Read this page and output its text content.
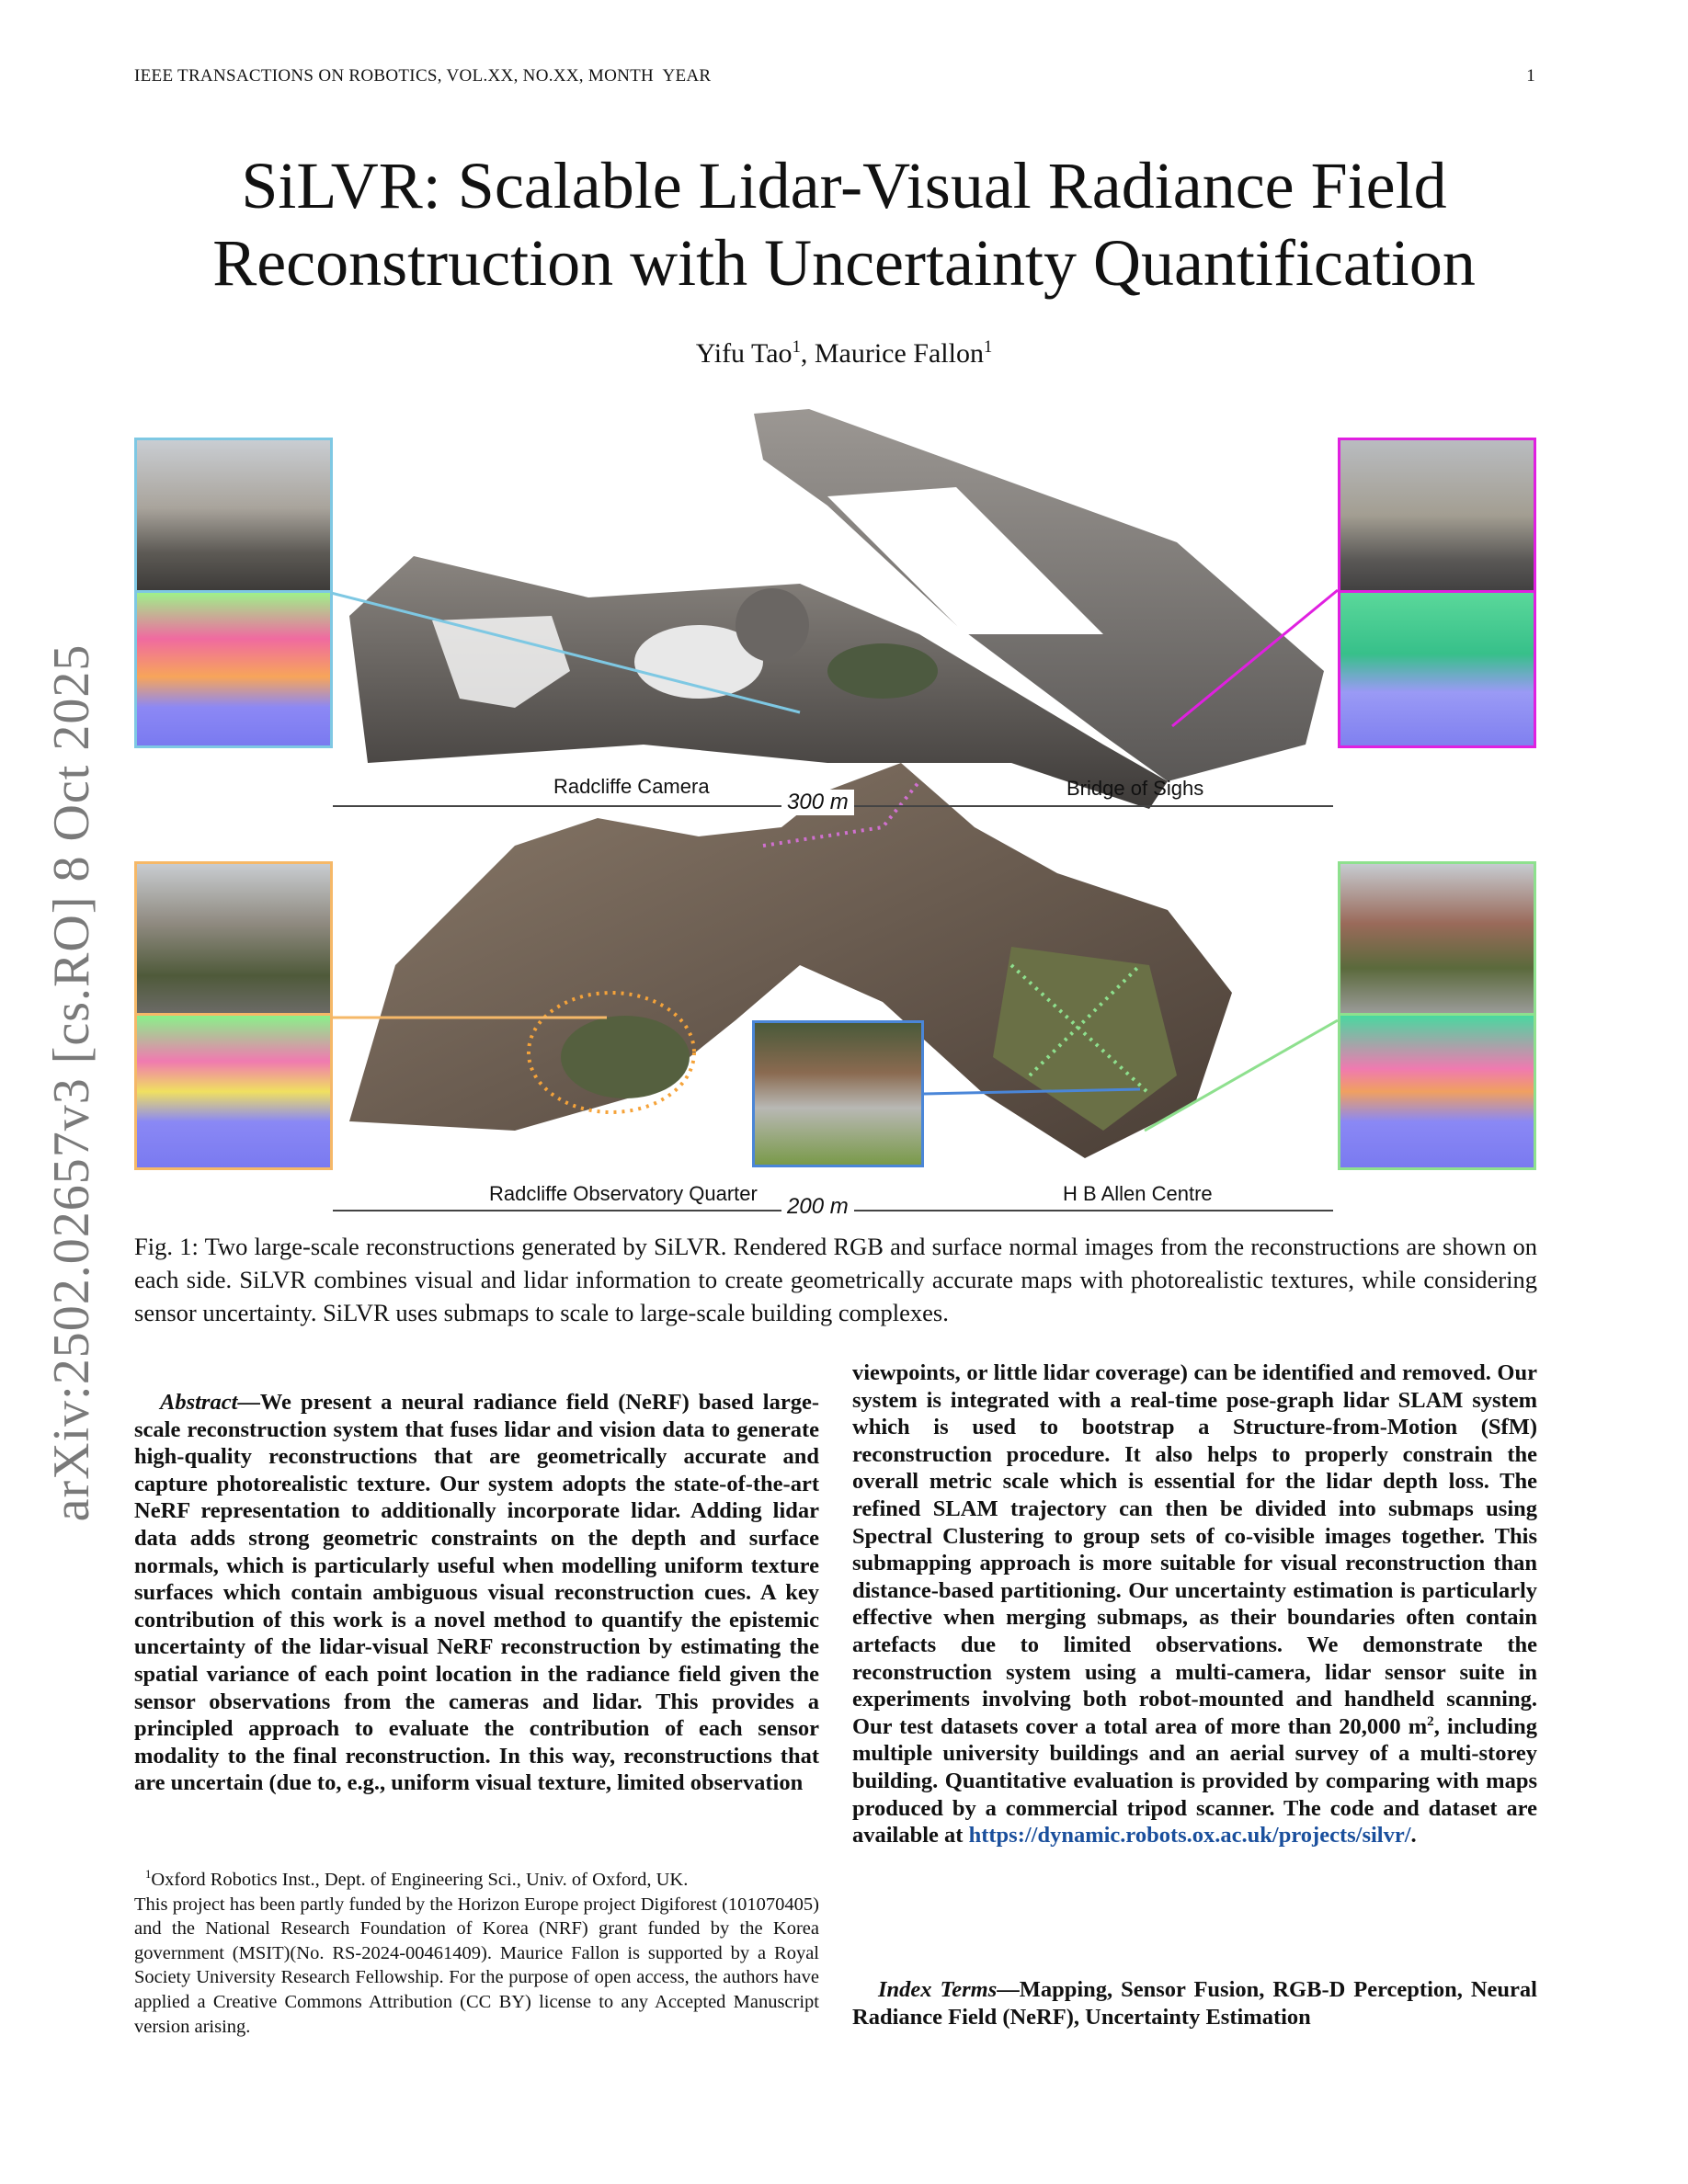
IEEE TRANSACTIONS ON ROBOTICS, VOL.XX, NO.XX, MONTH  YEAR	1
SiLVR: Scalable Lidar-Visual Radiance Field
Reconstruction with Uncertainty Quantification
Yifu Tao$^1$, Maurice Fallon$^1$
arXiv:2502.02657v3 [cs.RO] 8 Oct 2025	Radcliffe Camera	Bridge of Sighs
300 m
Radcliffe Observatory Quarter	H B Allen Centre
200 m
Fig. 1: Two large-scale reconstructions generated by SiLVR. Rendered RGB and surface normal images from the reconstructions are shown on each side. SiLVR combines visual and lidar information to create geometrically accurate maps with photorealistic textures, while considering sensor uncertainty. SiLVR uses submaps to scale to large-scale building complexes.
Abstract—We present a neural radiance field (NeRF) based large-scale reconstruction system that fuses lidar and vision data to generate high-quality reconstructions that are geometrically accurate and capture photorealistic texture. Our system adopts the state-of-the-art NeRF representation to additionally incorporate lidar. Adding lidar data adds strong geometric constraints on the depth and surface normals, which is particularly useful when modelling uniform texture surfaces which contain ambiguous visual reconstruction cues. A key contribution of this work is a novel method to quantify the epistemic uncertainty of the lidar-visual NeRF reconstruction by estimating the spatial variance of each point location in the radiance field given the sensor observations from the cameras and lidar. This provides a principled approach to evaluate the contribution of each sensor modality to the final reconstruction. In this way, reconstructions that are uncertain (due to, e.g., uniform visual texture, limited observation
viewpoints, or little lidar coverage) can be identified and removed. Our system is integrated with a real-time pose-graph lidar SLAM system which is used to bootstrap a Structure-from-Motion (SfM) reconstruction procedure. It also helps to properly constrain the overall metric scale which is essential for the lidar depth loss. The refined SLAM trajectory can then be divided into submaps using Spectral Clustering to group sets of co-visible images together. This submapping approach is more suitable for visual reconstruction than distance-based partitioning. Our uncertainty estimation is particularly effective when merging submaps, as their boundaries often contain artefacts due to limited observations. We demonstrate the reconstruction system using a multi-camera, lidar sensor suite in experiments involving both robot-mounted and handheld scanning. Our test datasets cover a total area of more than 20,000 $m^2$, including multiple university buildings and an aerial survey of a multi-storey building. Quantitative evaluation is provided by comparing with maps produced by a commercial tripod scanner. The code and dataset are available at https://dynamic.robots.ox.ac.uk/projects/silvr/.
$^1$Oxford Robotics Inst., Dept. of Engineering Sci., Univ. of Oxford, UK.
This project has been partly funded by the Horizon Europe project Digiforest (101070405) and the National Research Foundation of Korea (NRF) grant funded by the Korea government (MSIT)(No. RS-2024-00461409). Maurice Fallon is supported by a Royal Society University Research Fellowship. For the purpose of open access, the authors have applied a Creative Commons Attribution (CC BY) license to any Accepted Manuscript version arising.
Index Terms—Mapping, Sensor Fusion, RGB-D Perception, Neural Radiance Field (NeRF), Uncertainty Estimation
